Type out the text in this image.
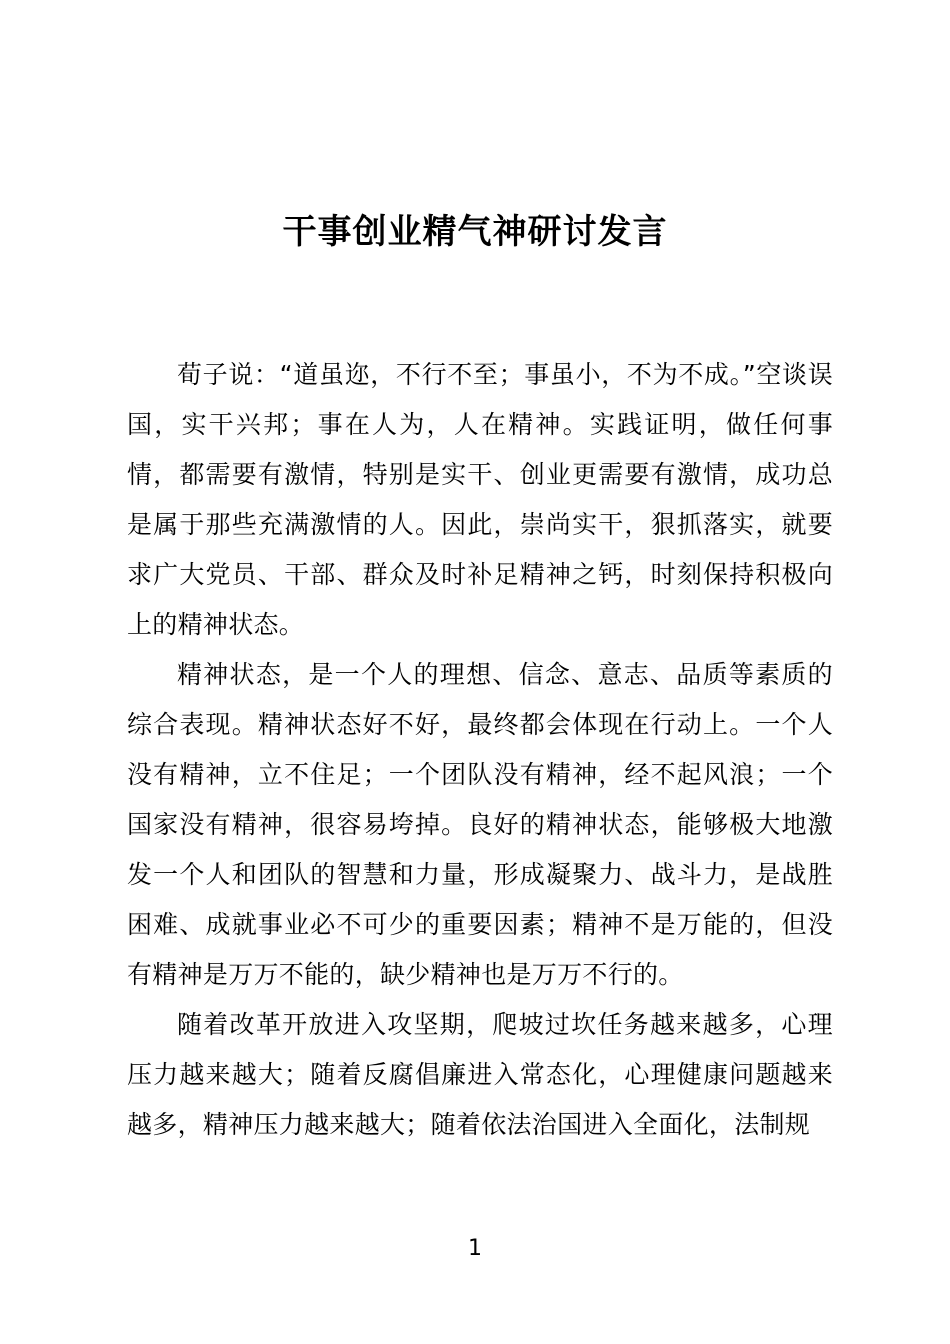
干事创业精气神研讨发言

荀子说：“道虽迩，不行不至；事虽小，不为不成。”空谈误国，实干兴邦；事在人为，人在精神。实践证明，做任何事情，都需要有激情，特别是实干、创业更需要有激情，成功总是属于那些充满激情的人。因此，崇尚实干，狠抓落实，就要求广大党员、干部、群众及时补足精神之钙，时刻保持积极向上的精神状态。

精神状态，是一个人的理想、信念、意志、品质等素质的综合表现。精神状态好不好，最终都会体现在行动上。一个人没有精神，立不住足；一个团队没有精神，经不起风浪；一个国家没有精神，很容易垮掉。良好的精神状态，能够极大地激发一个人和团队的智慧和力量，形成凝聚力、战斗力，是战胜困难、成就事业必不可少的重要因素；精神不是万能的，但没有精神是万万不能的，缺少精神也是万万不行的。

随着改革开放进入攻坚期，爬坡过坎任务越来越多，心理压力越来越大；随着反腐倡廉进入常态化，心理健康问题越来越多，精神压力越来越大；随着依法治国进入全面化，法制规

1
